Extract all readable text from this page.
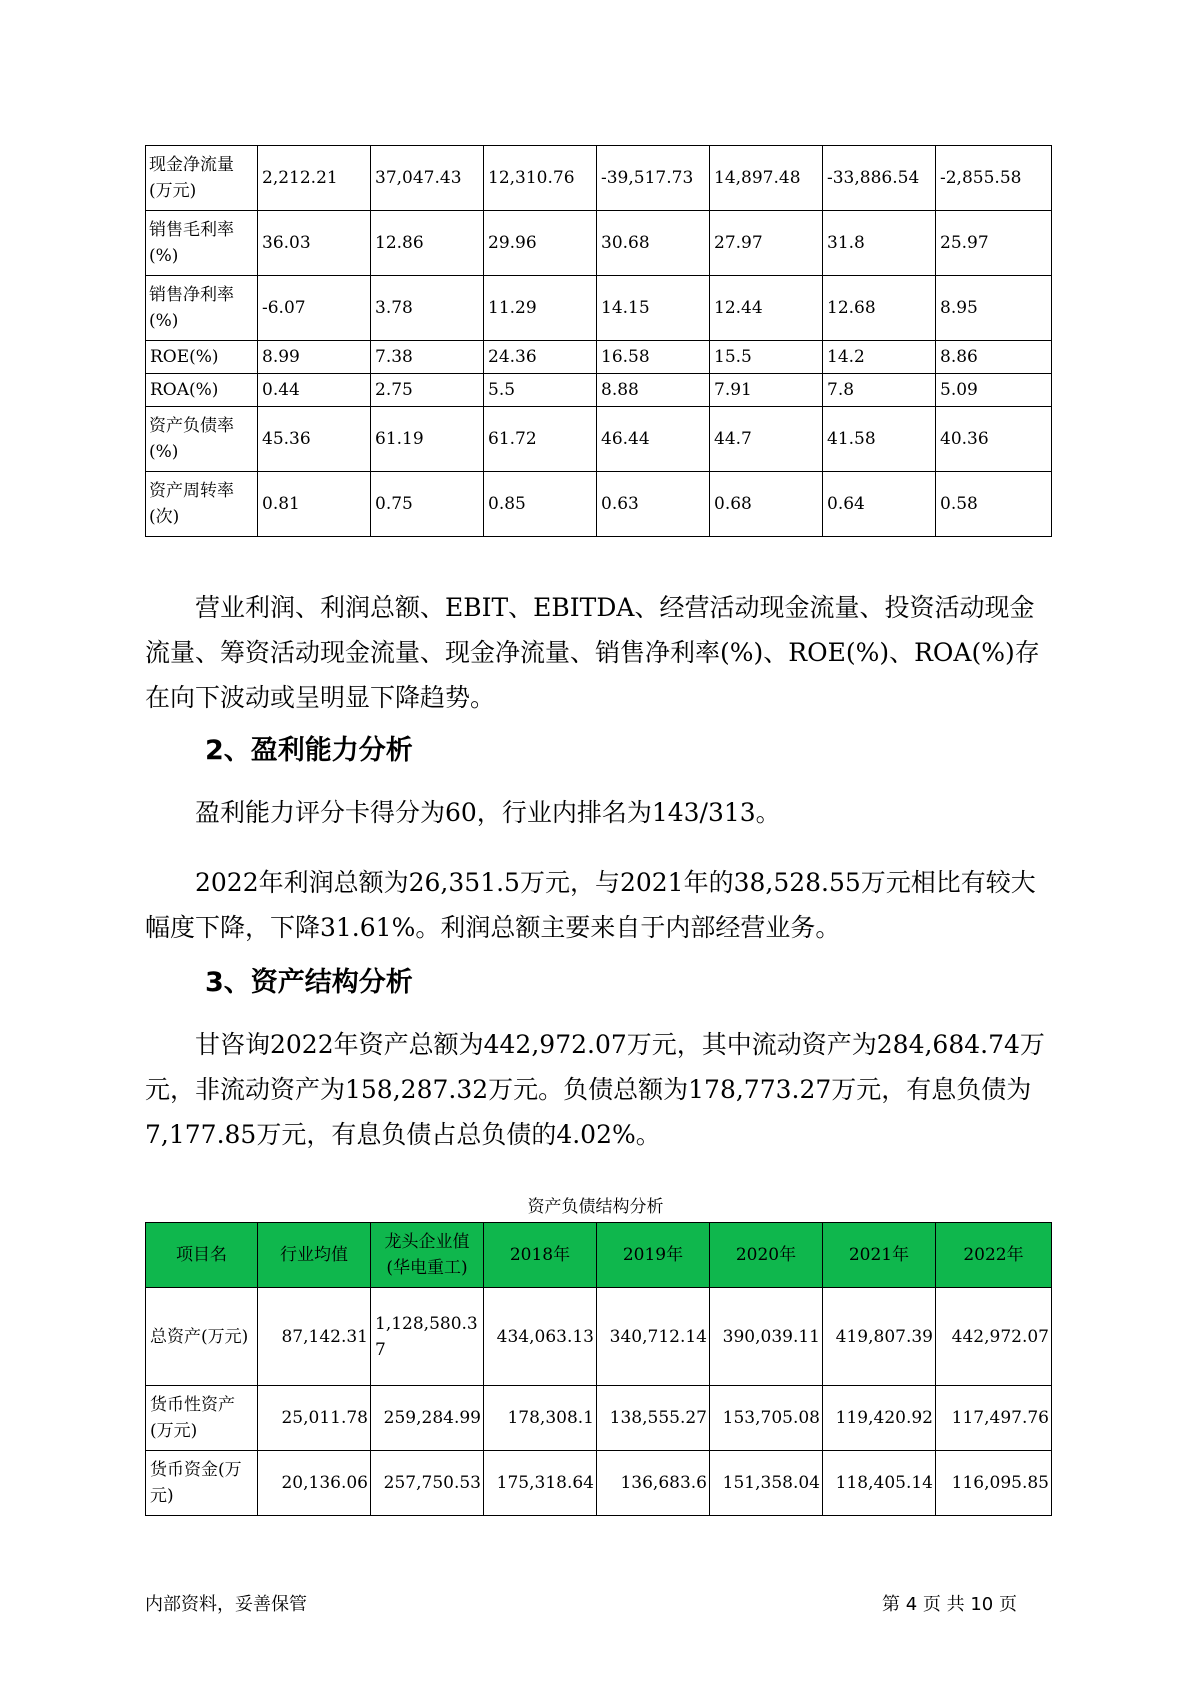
现金净流量(万元)	2,212.21	37,047.43	12,310.76	-39,517.73	14,897.48	-33,886.54	-2,855.58

销售毛利率(%)	36.03	12.86	29.96	30.68	27.97	31.8	25.97

销售净利率(%)	-6.07	3.78	11.29	14.15	12.44	12.68	8.95
ROE(%)	8.99	7.38	24.36	16.58	15.5	14.2	8.86
ROA(%)	0.44	2.75	5.5	8.88	7.91	7.8	5.09

资产负债率(%)	45.36	61.19	61.72	46.44	44.7	41.58	40.36

资产周转率(次)	0.81	0.75	0.85	0.63	0.68	0.64	0.58

营业利润、利润总额、EBIT、EBITDA、经营活动现金流量、投资活动现金流量、筹资活动现金流量、现金净流量、销售净利率(%)、ROE(%)、ROA(%)存在向下波动或呈明显下降趋势。

2、盈利能力分析

盈利能力评分卡得分为60，行业内排名为143/313。

2022年利润总额为26,351.5万元，与2021年的38,528.55万元相比有较大幅度下降，下降31.61%。利润总额主要来自于内部经营业务。

3、资产结构分析

甘咨询2022年资产总额为442,972.07万元，其中流动资产为284,684.74万元，非流动资产为158,287.32万元。负债总额为178,773.27万元，有息负债为7,177.85万元，有息负债占总负债的4.02%。

资产负债结构分析

项目名	行业均值	龙头企业值(华电重工)	2018年	2019年	2020年	2021年	2022年
总资产(万元)	87,142.31	1,128,580.37	434,063.13	340,712.14	390,039.11	419,807.39	442,972.07
货币性资产(万元)	25,011.78	259,284.99	178,308.1	138,555.27	153,705.08	119,420.92	117,497.76
货币资金(万元)	20,136.06	257,750.53	175,318.64	136,683.6	151,358.04	118,405.14	116,095.85
内部资料，妥善保管	第 4 页 共 10 页
